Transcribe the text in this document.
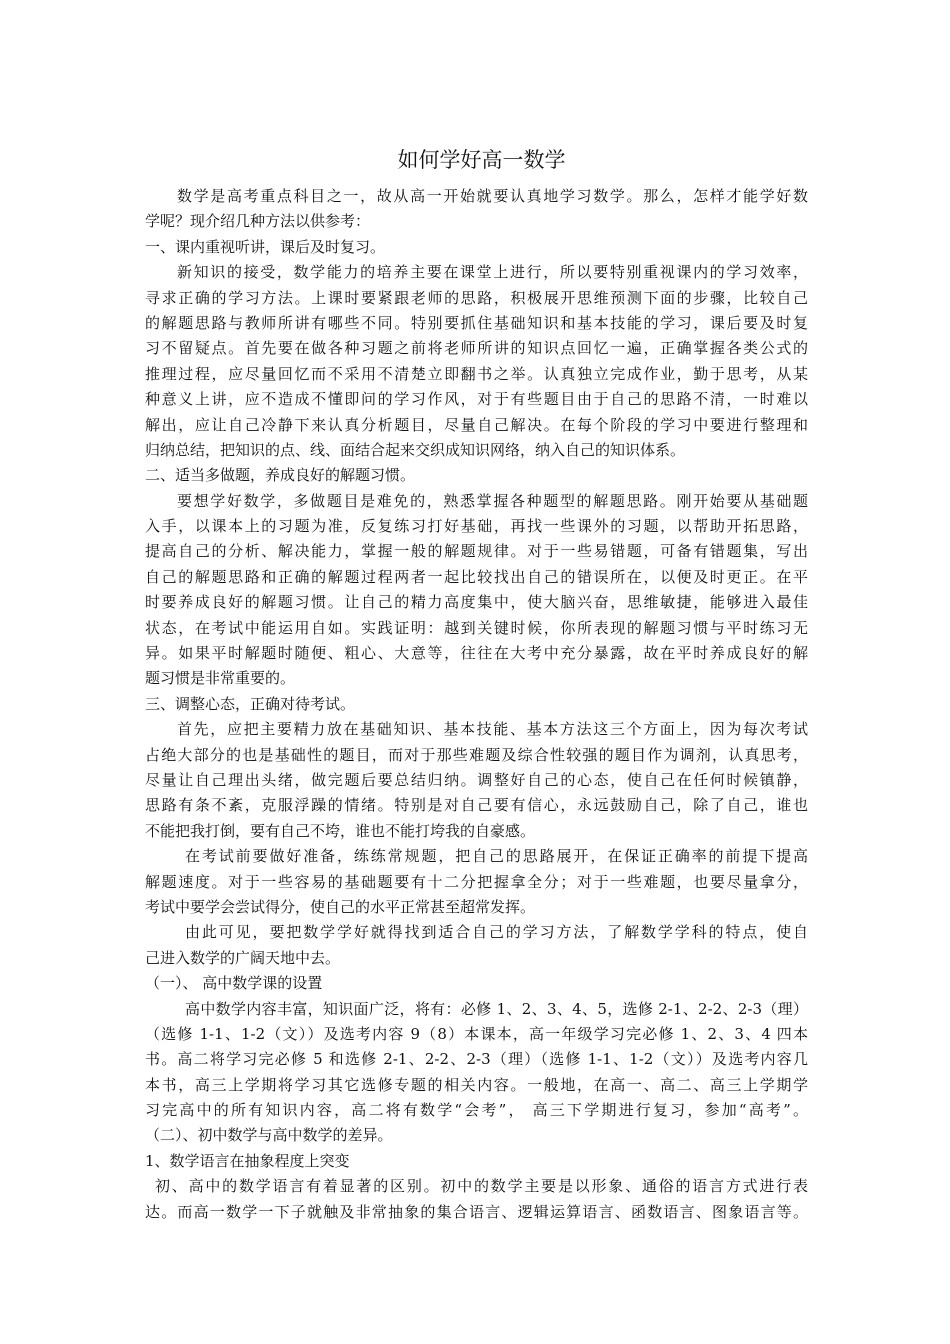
如何学好高一数学

数学是高考重点科目之一，故从高一开始就要认真地学习数学。那么，怎样才能学好数

学呢？现介绍几种方法以供参考：

一、课内重视听讲，课后及时复习。

新知识的接受，数学能力的培养主要在课堂上进行，所以要特别重视课内的学习效率，

寻求正确的学习方法。上课时要紧跟老师的思路，积极展开思维预测下面的步骤，比较自己

的解题思路与教师所讲有哪些不同。特别要抓住基础知识和基本技能的学习，课后要及时复

习不留疑点。首先要在做各种习题之前将老师所讲的知识点回忆一遍，正确掌握各类公式的

推理过程，应尽量回忆而不采用不清楚立即翻书之举。认真独立完成作业，勤于思考，从某

种意义上讲，应不造成不懂即问的学习作风，对于有些题目由于自己的思路不清，一时难以

解出，应让自己冷静下来认真分析题目，尽量自己解决。在每个阶段的学习中要进行整理和

归纳总结，把知识的点、线、面结合起来交织成知识网络，纳入自己的知识体系。

二、适当多做题，养成良好的解题习惯。

要想学好数学，多做题目是难免的，熟悉掌握各种题型的解题思路。刚开始要从基础题

入手，以课本上的习题为准，反复练习打好基础，再找一些课外的习题，以帮助开拓思路，

提高自己的分析、解决能力，掌握一般的解题规律。对于一些易错题，可备有错题集，写出

自己的解题思路和正确的解题过程两者一起比较找出自己的错误所在，以便及时更正。在平

时要养成良好的解题习惯。让自己的精力高度集中，使大脑兴奋，思维敏捷，能够进入最佳

状态，在考试中能运用自如。实践证明：越到关键时候，你所表现的解题习惯与平时练习无

异。如果平时解题时随便、粗心、大意等，往往在大考中充分暴露，故在平时养成良好的解

题习惯是非常重要的。

三、调整心态，正确对待考试。

首先，应把主要精力放在基础知识、基本技能、基本方法这三个方面上，因为每次考试

占绝大部分的也是基础性的题目，而对于那些难题及综合性较强的题目作为调剂，认真思考，

尽量让自己理出头绪，做完题后要总结归纳。调整好自己的心态，使自己在任何时候镇静，

思路有条不紊，克服浮躁的情绪。特别是对自己要有信心，永远鼓励自己，除了自己，谁也

不能把我打倒，要有自己不垮，谁也不能打垮我的自豪感。

在考试前要做好准备，练练常规题，把自己的思路展开，在保证正确率的前提下提高

解题速度。对于一些容易的基础题要有十二分把握拿全分；对于一些难题，也要尽量拿分，

考试中要学会尝试得分，使自己的水平正常甚至超常发挥。

由此可见，要把数学学好就得找到适合自己的学习方法，了解数学学科的特点，使自

己进入数学的广阔天地中去。

（一）、 高中数学课的设置

高中数学内容丰富，知识面广泛，将有：必修 1、2、3、4、5，选修 2-1、2-2、2-3（理）

（选修 1-1、1-2（文））及选考内容 9（8）本课本，高一年级学习完必修 1、2、3、4 四本

书。高二将学习完必修 5 和选修 2-1、2-2、2-3（理）（选修 1-1、1-2（文））及选考内容几

本书，高三上学期将学习其它选修专题的相关内容。一般地，在高一、高二、高三上学期学

习完高中的所有知识内容，高二将有数学“会考”， 高三下学期进行复习，参加“高考”。

（二）、初中数学与高中数学的差异。

1、数学语言在抽象程度上突变

初、高中的数学语言有着显著的区别。初中的数学主要是以形象、通俗的语言方式进行表

达。而高一数学一下子就触及非常抽象的集合语言、逻辑运算语言、函数语言、图象语言等。
